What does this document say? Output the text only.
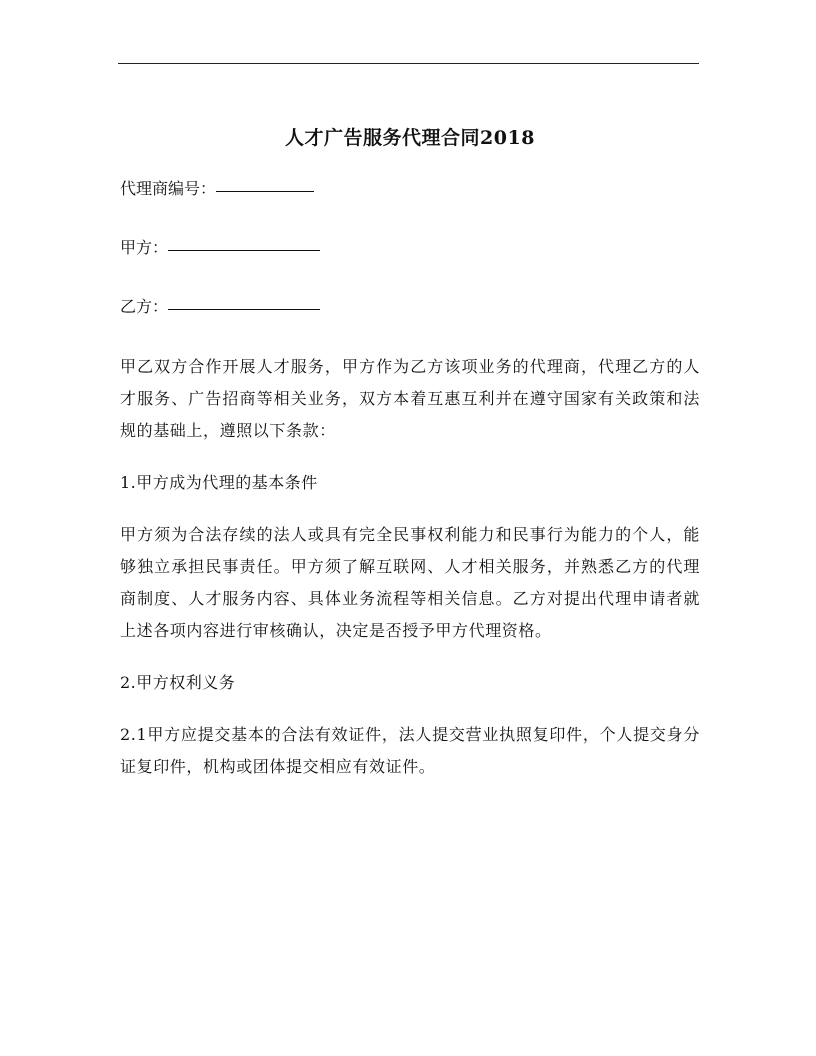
人才广告服务代理合同2018
代理商编号：
甲方：
乙方：

甲乙双方合作开展人才服务，甲方作为乙方该项业务的代理商，代理乙方的人才服务、广告招商等相关业务，双方本着互惠互利并在遵守国家有关政策和法规的基础上，遵照以下条款：

1.甲方成为代理的基本条件

甲方须为合法存续的法人或具有完全民事权利能力和民事行为能力的个人，能够独立承担民事责任。甲方须了解互联网、人才相关服务，并熟悉乙方的代理商制度、人才服务内容、具体业务流程等相关信息。乙方对提出代理申请者就上述各项内容进行审核确认，决定是否授予甲方代理资格。

2.甲方权利义务

2.1甲方应提交基本的合法有效证件，法人提交营业执照复印件，个人提交身分证复印件，机构或团体提交相应有效证件。
